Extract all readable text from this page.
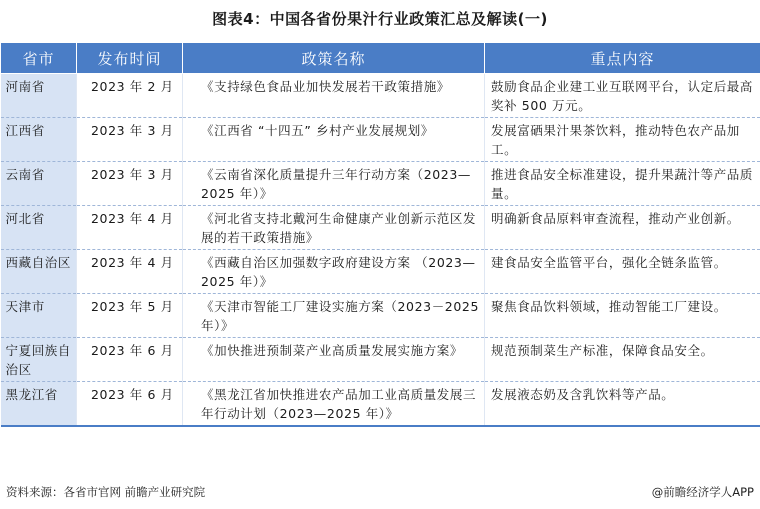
图表4：中国各省份果汁行业政策汇总及解读(一)
省市	发布时间	政策名称	重点内容
河南省	2023 年 2 月	《支持绿色食品业加快发展若干政策措施》	鼓励食品企业建工业互联网平台，认定后最高奖补 500 万元。
江西省	2023 年 3 月	《江西省 “十四五” 乡村产业发展规划》	发展富硒果汁果茶饮料，推动特色农产品加工。
云南省	2023 年 3 月	《云南省深化质量提升三年行动方案（2023—2025 年）》	推进食品安全标准建设，提升果蔬汁等产品质量。
河北省	2023 年 4 月	《河北省支持北戴河生命健康产业创新示范区发展的若干政策措施》	明确新食品原料审查流程，推动产业创新。
西藏自治区	2023 年 4 月	《西藏自治区加强数字政府建设方案 （2023—2025 年）》	建食品安全监管平台，强化全链条监管。
天津市	2023 年 5 月	《天津市智能工厂建设实施方案（2023－2025 年）》	聚焦食品饮料领域，推动智能工厂建设。
宁夏回族自治区	2023 年 6 月	《加快推进预制菜产业高质量发展实施方案》	规范预制菜生产标准，保障食品安全。
黑龙江省	2023 年 6 月	《黑龙江省加快推进农产品加工业高质量发展三年行动计划（2023—2025 年）》	发展液态奶及含乳饮料等产品。
资料来源：各省市官网 前瞻产业研究院	@前瞻经济学人APP
